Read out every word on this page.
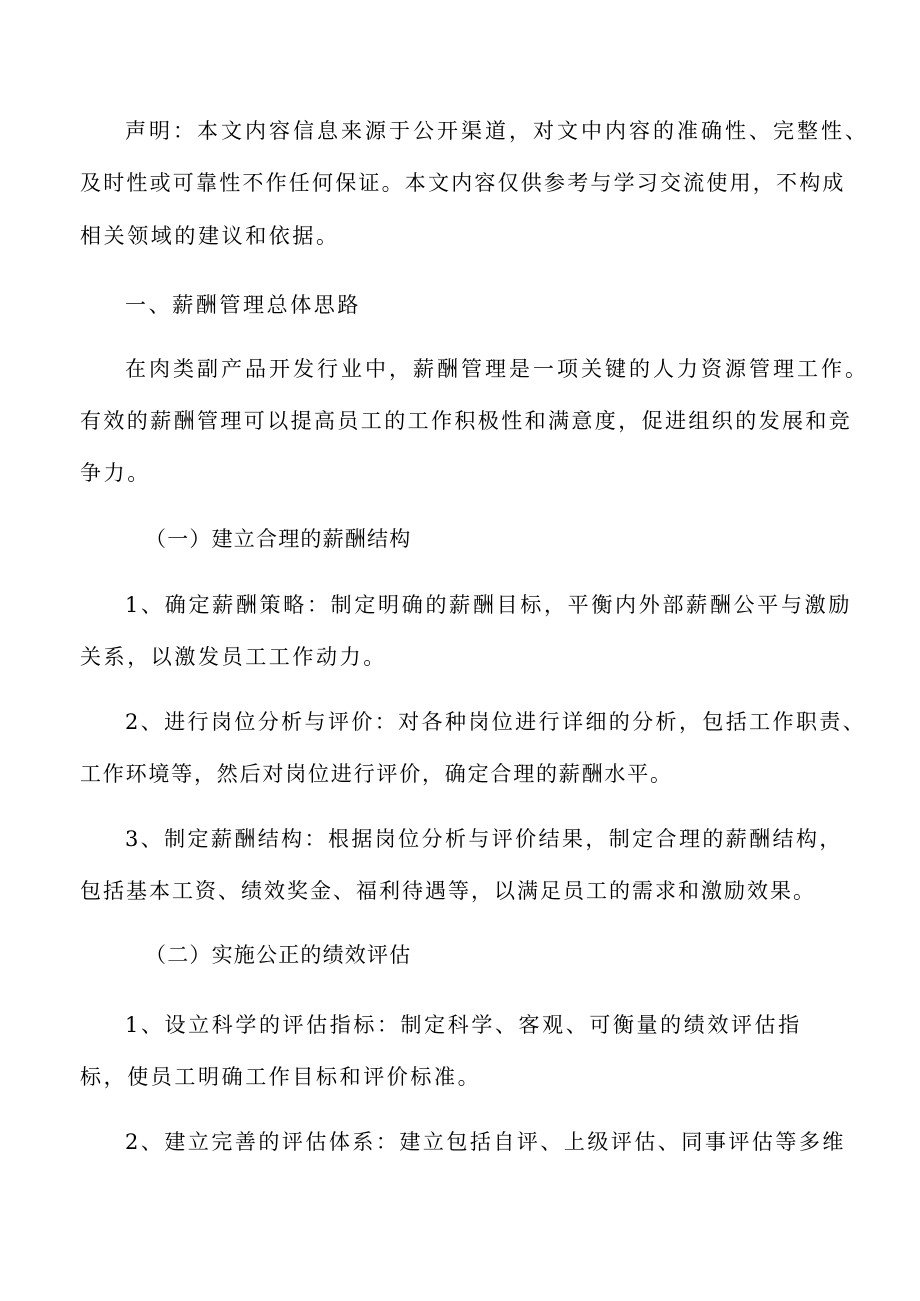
声明：本文内容信息来源于公开渠道，对文中内容的准确性、完整性、
及时性或可靠性不作任何保证。本文内容仅供参考与学习交流使用，不构成
相关领域的建议和依据。
一、薪酬管理总体思路
在肉类副产品开发行业中，薪酬管理是一项关键的人力资源管理工作。
有效的薪酬管理可以提高员工的工作积极性和满意度，促进组织的发展和竞
争力。
（一）建立合理的薪酬结构
1、确定薪酬策略：制定明确的薪酬目标，平衡内外部薪酬公平与激励
关系，以激发员工工作动力。
2、进行岗位分析与评价：对各种岗位进行详细的分析，包括工作职责、
工作环境等，然后对岗位进行评价，确定合理的薪酬水平。
3、制定薪酬结构：根据岗位分析与评价结果，制定合理的薪酬结构，
包括基本工资、绩效奖金、福利待遇等，以满足员工的需求和激励效果。
（二）实施公正的绩效评估
1、设立科学的评估指标：制定科学、客观、可衡量的绩效评估指
标，使员工明确工作目标和评价标准。
2、建立完善的评估体系：建立包括自评、上级评估、同事评估等多维
